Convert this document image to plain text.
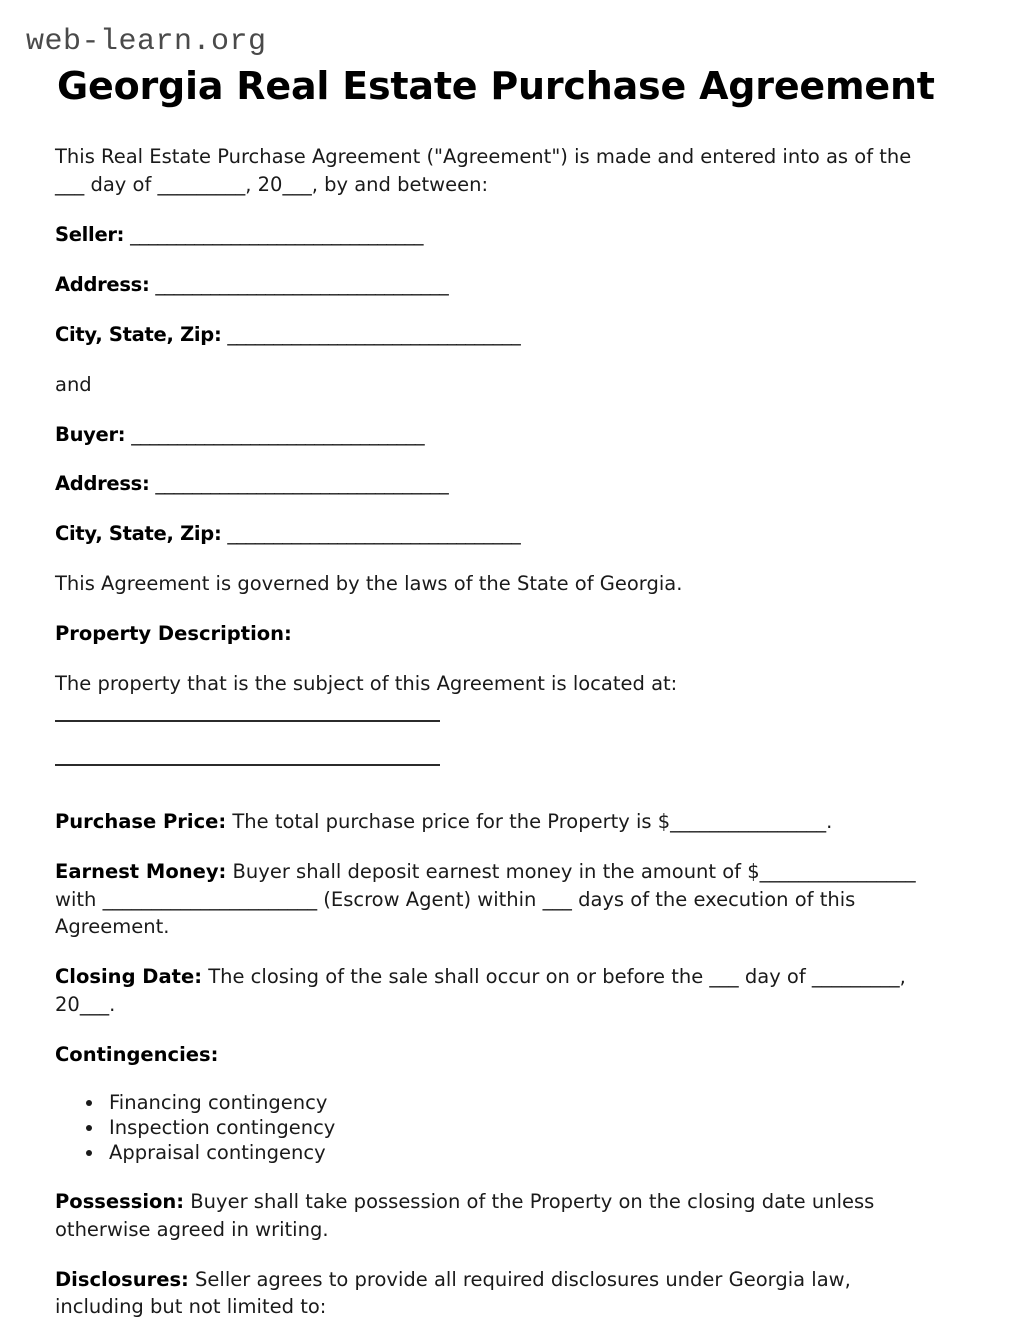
web-learn.org
Georgia Real Estate Purchase Agreement

This Real Estate Purchase Agreement ("Agreement") is made and entered into as of the ___ day of _________, 20___, by and between:

Seller: ________________________________

Address: ________________________________

City, State, Zip: ________________________________

and

Buyer: ________________________________

Address: ________________________________

City, State, Zip: ________________________________

This Agreement is governed by the laws of the State of Georgia.

Property Description:

The property that is the subject of this Agreement is located at:

Purchase Price: The total purchase price for the Property is $________________.

Earnest Money: Buyer shall deposit earnest money in the amount of $________________ with ______________________ (Escrow Agent) within ___ days of the execution of this Agreement.

Closing Date: The closing of the sale shall occur on or before the ___ day of _________, 20___.

Contingencies:

• Financing contingency
• Inspection contingency
• Appraisal contingency

Possession: Buyer shall take possession of the Property on the closing date unless otherwise agreed in writing.

Disclosures: Seller agrees to provide all required disclosures under Georgia law, including but not limited to:
